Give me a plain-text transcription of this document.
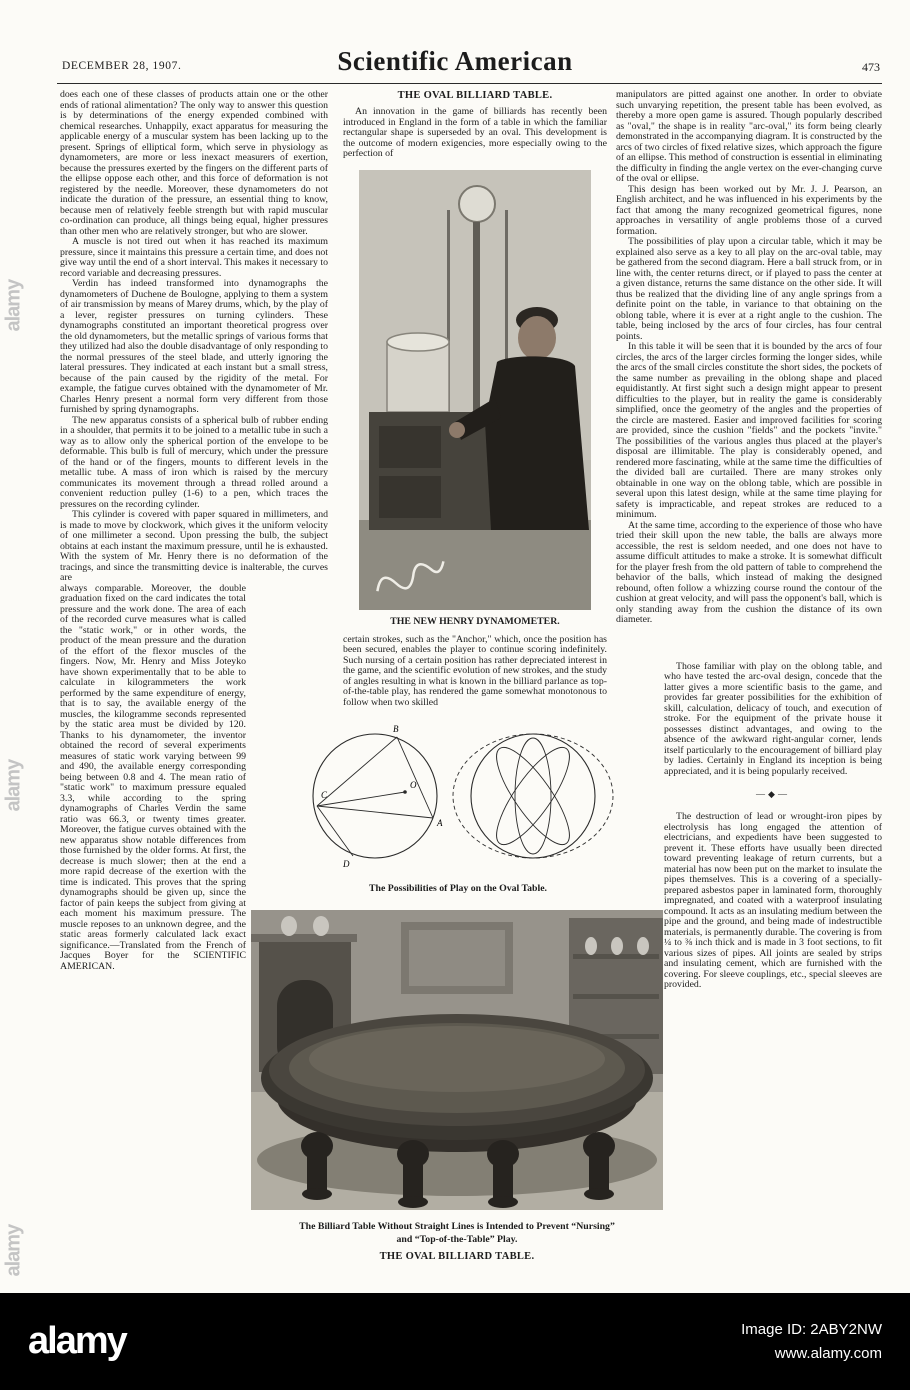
alamy
alamy
alamy
DECEMBER 28, 1907.	Scientific American	473

does each one of these classes of products attain one or the other ends of rational alimentation? The only way to answer this question is by determinations of the energy expended combined with chemical researches. Unhappily, exact apparatus for measuring the applicable energy of a muscular system has been lacking up to the present. Springs of elliptical form, which serve in physiology as dynamometers, are more or less inexact measurers of exertion, because the pressures exerted by the fingers on the different parts of the ellipse oppose each other, and this force of deformation is not registered by the needle. Moreover, these dynamometers do not indicate the duration of the pressure, an essential thing to know, because men of relatively feeble strength but with rapid muscular co-ordination can produce, all things being equal, higher pressures than other men who are relatively stronger, but who are slower.

A muscle is not tired out when it has reached its maximum pressure, since it maintains this pressure a certain time, and does not give way until the end of a short interval. This makes it necessary to record variable and decreasing pressures.

Verdin has indeed transformed into dynamographs the dynamometers of Duchene de Boulogne, applying to them a system of air transmission by means of Marey drums, which, by the play of a lever, register pressures on turning cylinders. These dynamographs constituted an important theoretical progress over the old dynamometers, but the metallic springs of various forms that they utilized had also the double disadvantage of only responding to the normal pressures of the steel blade, and utterly ignoring the lateral pressures. They indicated at each instant but a small stress, because of the pain caused by the rigidity of the metal. For example, the fatigue curves obtained with the dynamometer of Mr. Charles Henry present a normal form very different from those furnished by spring dynamographs.

The new apparatus consists of a spherical bulb of rubber ending in a shoulder, that permits it to be joined to a metallic tube in such a way as to allow only the spherical portion of the envelope to be deformable. This bulb is full of mercury, which under the pressure of the hand or of the fingers, mounts to different levels in the metallic tube. A mass of iron which is raised by the mercury communicates its movement through a thread rolled around a convenient reduction pulley (1-6) to a pen, which traces the pressures on the recording cylinder.

This cylinder is covered with paper squared in millimeters, and is made to move by clockwork, which gives it the uniform velocity of one millimeter a second. Upon pressing the bulb, the subject obtains at each instant the maximum pressure, until he is exhausted. With the system of Mr. Henry there is no deformation of the tracings, and since the transmitting device is inalterable, the curves are

always comparable. Moreover, the double graduation fixed on the card indicates the total pressure and the work done. The area of each of the recorded curve measures what is called the "static work," or in other words, the product of the mean pressure and the duration of the effort of the flexor muscles of the fingers. Now, Mr. Henry and Miss Joteyko have shown experimentally that to be able to calculate in kilogrammeters the work performed by the same expenditure of energy, that is to say, the available energy of the muscles, the kilogramme seconds represented by the static area must be divided by 120. Thanks to his dynamometer, the inventor obtained the record of several experiments measures of static work varying between 99 and 490, the available energy corresponding being between 0.8 and 4. The mean ratio of "static work" to maximum pressure equaled 3.3, while according to the spring dynamographs of Charles Verdin the same ratio was 66.3, or twenty times greater. Moreover, the fatigue curves obtained with the new apparatus show notable differences from those furnished by the older forms. At first, the decrease is much slower; then at the end a more rapid decrease of the exertion with the time is indicated. This proves that the spring dynamographs should be given up, since the factor of pain keeps the subject from giving at each moment his maximum pressure. The muscle reposes to an unknown degree, and the static areas formerly calculated lack exact significance.—Translated from the French of Jacques Boyer for the SCIENTIFIC AMERICAN.

THE OVAL BILLIARD TABLE.

An innovation in the game of billiards has recently been introduced in England in the form of a table in which the familiar rectangular shape is superseded by an oval. This development is the outcome of modern exigencies, more especially owing to the perfection of

THE NEW HENRY DYNAMOMETER.

certain strokes, such as the "Anchor," which, once the position has been secured, enables the player to continue scoring indefinitely. Such nursing of a certain position has rather depreciated interest in the game, and the scientific evolution of new strokes, and the study of angles resulting in what is known in the billiard parlance as top-of-the-table play, has rendered the game somewhat monotonous to follow when two skilled

B
C
A
D
O
The Possibilities of Play on the Oval Table.
The Billiard Table Without Straight Lines is Intended to Prevent “Nursing”
and “Top-of-the-Table” Play.
THE OVAL BILLIARD TABLE.

manipulators are pitted against one another. In order to obviate such unvarying repetition, the present table has been evolved, as thereby a more open game is assured. Though popularly described as "oval," the shape is in reality "arc-oval," its form being clearly demonstrated in the accompanying diagram. It is constructed by the arcs of two circles of fixed relative sizes, which approach the figure of an ellipse. This method of construction is essential in eliminating the difficulty in finding the angle vertex on the ever-changing curve of the oval or ellipse.

This design has been worked out by Mr. J. J. Pearson, an English architect, and he was influenced in his experiments by the fact that among the many recognized geometrical figures, none approaches in versatility of angle problems those of a curved formation.

The possibilities of play upon a circular table, which it may be explained also serve as a key to all play on the arc-oval table, may be gathered from the second diagram. Here a ball struck from, or in line with, the center returns direct, or if played to pass the center at a given distance, returns the same distance on the other side. It will thus be realized that the dividing line of any angle springs from a definite point on the table, in variance to that obtaining on the oblong table, where it is ever at a right angle to the cushion. The table, being inclosed by the arcs of four circles, has four central points.

In this table it will be seen that it is bounded by the arcs of four circles, the arcs of the larger circles forming the longer sides, while the arcs of the small circles constitute the short sides, the pockets of the same number as prevailing in the oblong shape and placed equidistantly. At first sight such a design might appear to present difficulties to the player, but in reality the game is considerably simplified, once the geometry of the angles and the properties of the circle are mastered. Easier and improved facilities for scoring are provided, since the cushion "fields" and the pockets "invite." The possibilities of the various angles thus placed at the player's disposal are illimitable. The play is considerably opened, and rendered more fascinating, while at the same time the difficulties of the divided ball are curtailed. There are many strokes only obtainable in one way on the oblong table, which are possible in several upon this latest design, while at the same time playing for safety is impracticable, and repeat strokes are reduced to a minimum.

At the same time, according to the experience of those who have tried their skill upon the new table, the balls are always more accessible, the rest is seldom needed, and one does not have to assume difficult attitudes to make a stroke. It is somewhat difficult for the player fresh from the old pattern of table to comprehend the behavior of the balls, which instead of making the designed rebound, often follow a whizzing course round the contour of the cushion at great velocity, and will pass the opponent's ball, which is only standing away from the cushion the distance of its own diameter.

Those familiar with play on the oblong table, and who have tested the arc-oval design, concede that the latter gives a more scientific basis to the game, and provides far greater possibilities for the exhibition of skill, calculation, delicacy of touch, and execution of stroke. For the equipment of the private house it possesses distinct advantages, and owing to the absence of the awkward right-angular corner, lends itself particularly to the encouragement of billiard play by ladies. Certainly in England its inception is being appreciated, and it is being popularly received.

—◆—

The destruction of lead or wrought-iron pipes by electrolysis has long engaged the attention of electricians, and expedients have been suggested to prevent it. These efforts have usually been directed toward preventing leakage of return currents, but a material has now been put on the market to insulate the pipes themselves. This is a covering of a specially-prepared asbestos paper in laminated form, thoroughly impregnated, and coated with a waterproof insulating compound. It acts as an insulating medium between the pipe and the ground, and being made of indestructible materials, is permanently durable. The covering is from ¼ to ⅜ inch thick and is made in 3 foot sections, to fit various sizes of pipes. All joints are sealed by strips and insulating cement, which are furnished with the covering. For sleeve couplings, etc., special sleeves are provided.

alamy	Image ID: 2ABY2NW
www.alamy.com
